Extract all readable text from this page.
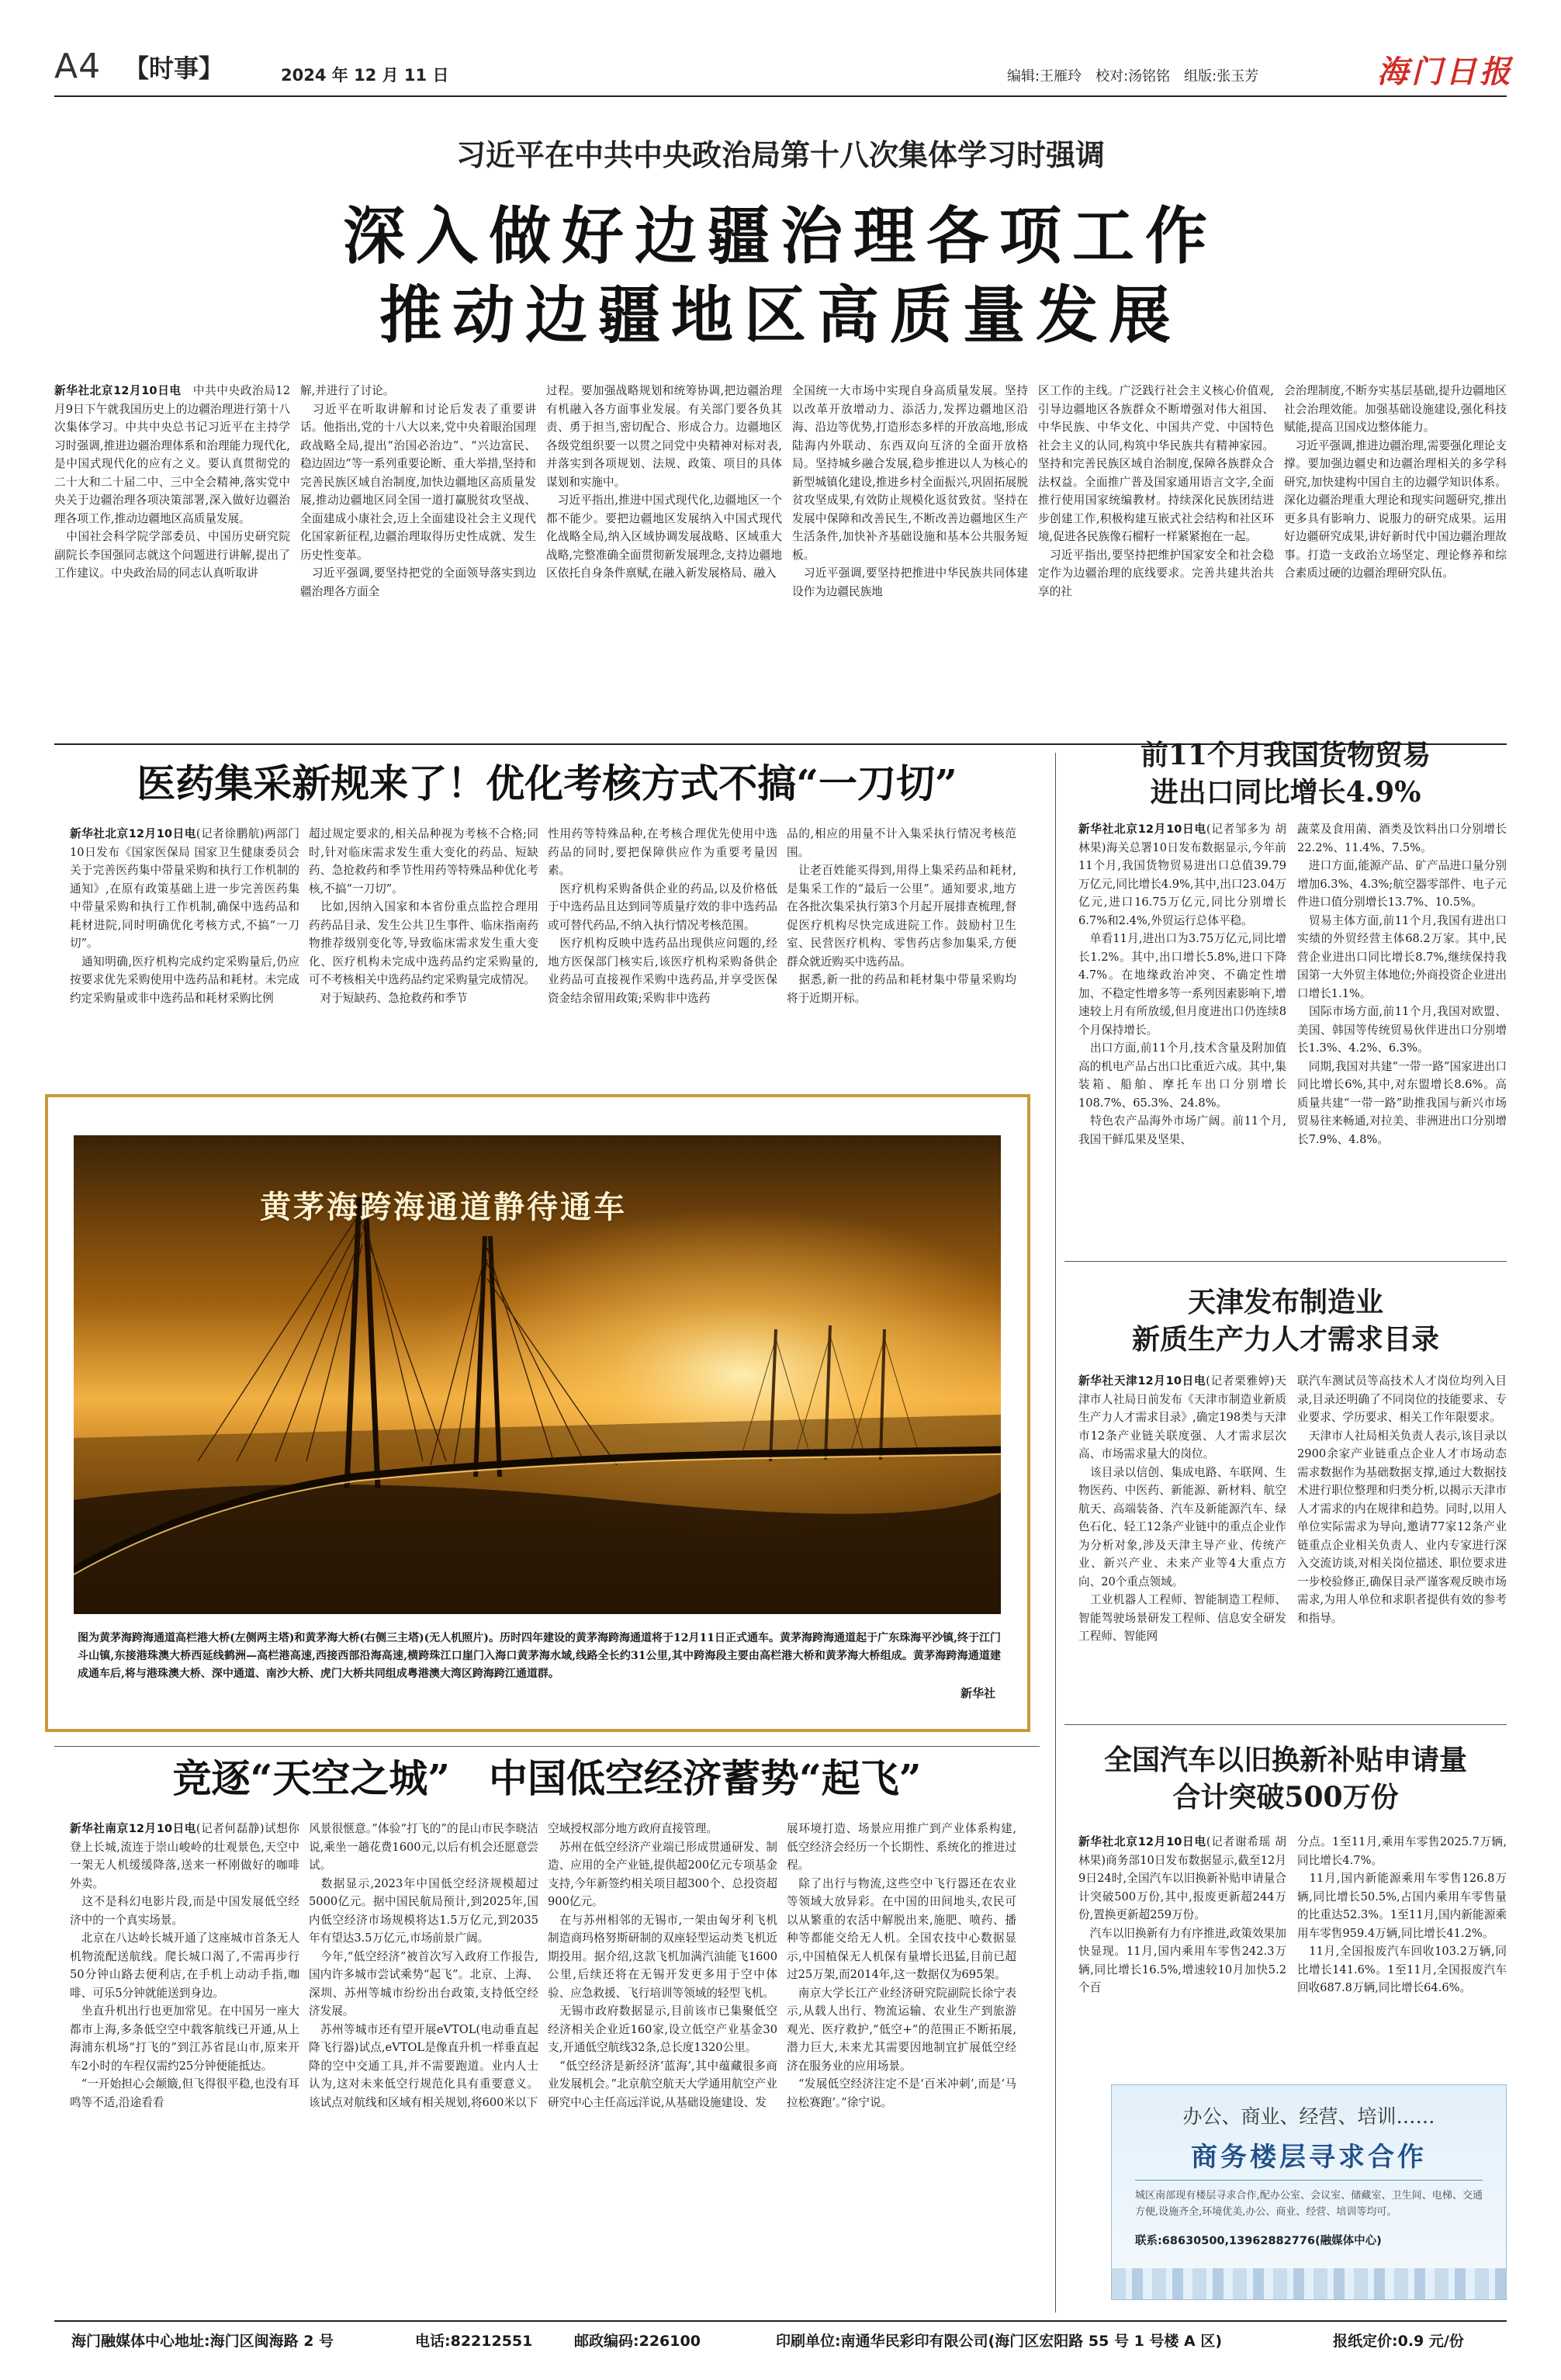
A4 【时事】	2024 年 12 月 11 日	编辑:王雁玲　校对:汤铭铭　组版:张玉芳	海门日报
习近平在中共中央政治局第十八次集体学习时强调
深入做好边疆治理各项工作
推动边疆地区高质量发展
新华社北京12月10日电　 中共中央政治局12月9日下午就我国历史上的边疆治理进行第十八次集体学习。中共中央总书记习近平在主持学习时强调,推进边疆治理体系和治理能力现代化,是中国式现代化的应有之义。要认真贯彻党的二十大和二十届二中、三中全会精神,落实党中央关于边疆治理各项决策部署,深入做好边疆治理各项工作,推动边疆地区高质量发展。
　中国社会科学院学部委员、中国历史研究院副院长李国强同志就这个问题进行讲解,提出了工作建议。中央政治局的同志认真听取讲
解,并进行了讨论。
　习近平在听取讲解和讨论后发表了重要讲话。他指出,党的十八大以来,党中央着眼治国理政战略全局,提出“治国必治边”、“兴边富民、稳边固边”等一系列重要论断、重大举措,坚持和完善民族区域自治制度,加快边疆地区高质量发展,推动边疆地区同全国一道打赢脱贫攻坚战、全面建成小康社会,迈上全面建设社会主义现代化国家新征程,边疆治理取得历史性成就、发生历史性变革。
　习近平强调,要坚持把党的全面领导落实到边疆治理各方面全
过程。要加强战略规划和统筹协调,把边疆治理有机融入各方面事业发展。有关部门要各负其责、勇于担当,密切配合、形成合力。边疆地区各级党组织要一以贯之同党中央精神对标对表,并落实到各项规划、法规、政策、项目的具体谋划和实施中。
　习近平指出,推进中国式现代化,边疆地区一个都不能少。要把边疆地区发展纳入中国式现代化战略全局,纳入区域协调发展战略、区域重大战略,完整准确全面贯彻新发展理念,支持边疆地区依托自身条件禀赋,在融入新发展格局、融入
全国统一大市场中实现自身高质量发展。坚持以改革开放增动力、添活力,发挥边疆地区沿海、沿边等优势,打造形态多样的开放高地,形成陆海内外联动、东西双向互济的全面开放格局。坚持城乡融合发展,稳步推进以人为核心的新型城镇化建设,推进乡村全面振兴,巩固拓展脱贫攻坚成果,有效防止规模化返贫致贫。坚持在发展中保障和改善民生,不断改善边疆地区生产生活条件,加快补齐基础设施和基本公共服务短板。
　习近平强调,要坚持把推进中华民族共同体建设作为边疆民族地
区工作的主线。广泛践行社会主义核心价值观,引导边疆地区各族群众不断增强对伟大祖国、中华民族、中华文化、中国共产党、中国特色社会主义的认同,构筑中华民族共有精神家园。坚持和完善民族区域自治制度,保障各族群众合法权益。全面推广普及国家通用语言文字,全面推行使用国家统编教材。持续深化民族团结进步创建工作,积极构建互嵌式社会结构和社区环境,促进各民族像石榴籽一样紧紧抱在一起。
　习近平指出,要坚持把维护国家安全和社会稳定作为边疆治理的底线要求。完善共建共治共享的社
会治理制度,不断夯实基层基础,提升边疆地区社会治理效能。加强基础设施建设,强化科技赋能,提高卫国戍边整体能力。
　习近平强调,推进边疆治理,需要强化理论支撑。要加强边疆史和边疆治理相关的多学科研究,加快建构中国自主的边疆学知识体系。深化边疆治理重大理论和现实问题研究,推出更多具有影响力、说服力的研究成果。运用好边疆研究成果,讲好新时代中国边疆治理故事。打造一支政治立场坚定、理论修养和综合素质过硬的边疆治理研究队伍。
医药集采新规来了！优化考核方式不搞“一刀切”
新华社北京12月10日电(记者徐鹏航)两部门10日发布《国家医保局 国家卫生健康委员会关于完善医药集中带量采购和执行工作机制的通知》,在原有政策基础上进一步完善医药集中带量采购和执行工作机制,确保中选药品和耗材进院,同时明确优化考核方式,不搞“一刀切”。
　通知明确,医疗机构完成约定采购量后,仍应按要求优先采购使用中选药品和耗材。未完成约定采购量或非中选药品和耗材采购比例
超过规定要求的,相关品种视为考核不合格;同时,针对临床需求发生重大变化的药品、短缺药、急抢救药和季节性用药等特殊品种优化考核,不搞“一刀切”。
　比如,因纳入国家和本省份重点监控合理用药药品目录、发生公共卫生事件、临床指南药物推荐级别变化等,导致临床需求发生重大变化、医疗机构未完成中选药品约定采购量的,可不考核相关中选药品约定采购量完成情况。
　对于短缺药、急抢救药和季节
性用药等特殊品种,在考核合理优先使用中选药品的同时,要把保障供应作为重要考量因素。
　医疗机构采购备供企业的药品,以及价格低于中选药品且达到同等质量疗效的非中选药品或可替代药品,不纳入执行情况考核范围。
　医疗机构反映中选药品出现供应问题的,经地方医保部门核实后,该医疗机构采购备供企业药品可直接视作采购中选药品,并享受医保资金结余留用政策;采购非中选药
品的,相应的用量不计入集采执行情况考核范围。
　让老百姓能买得到,用得上集采药品和耗材,是集采工作的“最后一公里”。通知要求,地方在各批次集采执行第3个月起开展排查梳理,督促医疗机构尽快完成进院工作。鼓励村卫生室、民营医疗机构、零售药店参加集采,方便群众就近购买中选药品。
　据悉,新一批的药品和耗材集中带量采购均将于近期开标。
黄茅海跨海通道静待通车
图为黄茅海跨海通道高栏港大桥(左侧两主塔)和黄茅海大桥(右侧三主塔)(无人机照片)。历时四年建设的黄茅海跨海通道将于12月11日正式通车。黄茅海跨海通道起于广东珠海平沙镇,终于江门斗山镇,东接港珠澳大桥西延线鹤洲—高栏港高速,西接西部沿海高速,横跨珠江口崖门入海口黄茅海水域,线路全长约31公里,其中跨海段主要由高栏港大桥和黄茅海大桥组成。黄茅海跨海通道建成通车后,将与港珠澳大桥、深中通道、南沙大桥、虎门大桥共同组成粤港澳大湾区跨海跨江通道群。
新华社
竞逐“天空之城”　中国低空经济蓄势“起飞”
新华社南京12月10日电(记者何磊静)试想你登上长城,流连于崇山峻岭的壮观景色,天空中一架无人机缓缓降落,送来一杯刚做好的咖啡外卖。
　这不是科幻电影片段,而是中国发展低空经济中的一个真实场景。
　北京在八达岭长城开通了这座城市首条无人机物流配送航线。爬长城口渴了,不需再步行50分钟山路去便利店,在手机上动动手指,咖啡、可乐5分钟就能送到身边。
　坐直升机出行也更加常见。在中国另一座大都市上海,多条低空空中载客航线已开通,从上海浦东机场“打飞的”到江苏省昆山市,原来开车2小时的车程仅需约25分钟便能抵达。
　“一开始担心会颠簸,但飞得很平稳,也没有耳鸣等不适,沿途看看
风景很惬意。”体验“打飞的”的昆山市民李晓洁说,乘坐一趟花费1600元,以后有机会还愿意尝试。
　数据显示,2023年中国低空经济规模超过5000亿元。据中国民航局预计,到2025年,国内低空经济市场规模将达1.5万亿元,到2035年有望达3.5万亿元,市场前景广阔。
　今年,“低空经济”被首次写入政府工作报告,国内许多城市尝试乘势“起飞”。北京、上海、深圳、苏州等城市纷纷出台政策,支持低空经济发展。
　苏州等城市还有望开展eVTOL(电动垂直起降飞行器)试点,eVTOL是像直升机一样垂直起降的空中交通工具,并不需要跑道。业内人士认为,这对未来低空行规范化具有重要意义。该试点对航线和区域有相关规划,将600米以下
空域授权部分地方政府直接管理。
　苏州在低空经济产业端已形成贯通研发、制造、应用的全产业链,提供超200亿元专项基金支持,今年新签约相关项目超300个、总投资超900亿元。
　在与苏州相邻的无锡市,一架由匈牙利飞机制造商玛格努斯研制的双座轻型运动类飞机近期投用。据介绍,这款飞机加满汽油能飞1600公里,后续还将在无锡开发更多用于空中体验、应急救援、飞行培训等领域的轻型飞机。
　无锡市政府数据显示,目前该市已集聚低空经济相关企业近160家,设立低空产业基金30支,开通低空航线32条,总长度1320公里。
　“低空经济是新经济‘蓝海’,其中蕴藏很多商业发展机会。”北京航空航天大学通用航空产业研究中心主任高远洋说,从基础设施建设、发
展环境打造、场景应用推广到产业体系构建,低空经济会经历一个长期性、系统化的推进过程。
　除了出行与物流,这些空中飞行器还在农业等领域大放异彩。在中国的田间地头,农民可以从繁重的农活中解脱出来,施肥、喷药、播种等都能交给无人机。全国农技中心数据显示,中国植保无人机保有量增长迅猛,目前已超过25万架,而2014年,这一数据仅为695架。
　南京大学长江产业经济研究院副院长徐宁表示,从载人出行、物流运输、农业生产到旅游观光、医疗救护,“低空+”的范围正不断拓展,潜力巨大,未来尤其需要因地制宜扩展低空经济在服务业的应用场景。
　“发展低空经济注定不是‘百米冲刺’,而是‘马拉松赛跑’。”徐宁说。
前11个月我国货物贸易
进出口同比增长4.9%
新华社北京12月10日电(记者邹多为 胡林果)海关总署10日发布数据显示,今年前11个月,我国货物贸易进出口总值39.79万亿元,同比增长4.9%,其中,出口23.04万亿元,进口16.75万亿元,同比分别增长6.7%和2.4%,外贸运行总体平稳。
　单看11月,进出口为3.75万亿元,同比增长1.2%。其中,出口增长5.8%,进口下降4.7%。在地缘政治冲突、不确定性增加、不稳定性增多等一系列因素影响下,增速较上月有所放缓,但月度进出口仍连续8个月保持增长。
　出口方面,前11个月,技术含量及附加值高的机电产品占出口比重近六成。其中,集装箱、船舶、摩托车出口分别增长108.7%、65.3%、24.8%。
　特色农产品海外市场广阔。前11个月,我国干鲜瓜果及坚果、
蔬菜及食用菌、酒类及饮料出口分别增长22.2%、11.4%、7.5%。
　进口方面,能源产品、矿产品进口量分别增加6.3%、4.3%;航空器零部件、电子元件进口值分别增长13.7%、10.5%。
　贸易主体方面,前11个月,我国有进出口实绩的外贸经营主体68.2万家。其中,民营企业进出口同比增长8.7%,继续保持我国第一大外贸主体地位;外商投资企业进出口增长1.1%。
　国际市场方面,前11个月,我国对欧盟、美国、韩国等传统贸易伙伴进出口分别增长1.3%、4.2%、6.3%。
　同期,我国对共建“一带一路”国家进出口同比增长6%,其中,对东盟增长8.6%。高质量共建“一带一路”助推我国与新兴市场贸易往来畅通,对拉美、非洲进出口分别增长7.9%、4.8%。
天津发布制造业
新质生产力人才需求目录
新华社天津12月10日电(记者栗雅婷)天津市人社局日前发布《天津市制造业新质生产力人才需求目录》,确定198类与天津市12条产业链关联度强、人才需求层次高、市场需求量大的岗位。
　该目录以信创、集成电路、车联网、生物医药、中医药、新能源、新材料、航空航天、高端装备、汽车及新能源汽车、绿色石化、轻工12条产业链中的重点企业作为分析对象,涉及天津主导产业、传统产业、新兴产业、未来产业等4大重点方向、20个重点领域。
　工业机器人工程师、智能制造工程师、智能驾驶场景研发工程师、信息安全研发工程师、智能网
联汽车测试员等高技术人才岗位均列入目录,目录还明确了不同岗位的技能要求、专业要求、学历要求、相关工作年限要求。
　天津市人社局相关负责人表示,该目录以2900余家产业链重点企业人才市场动态需求数据作为基础数据支撑,通过大数据技术进行职位整理和归类分析,以揭示天津市人才需求的内在规律和趋势。同时,以用人单位实际需求为导向,邀请77家12条产业链重点企业相关负责人、业内专家进行深入交流访谈,对相关岗位描述、职位要求进一步校验修正,确保目录严谨客观反映市场需求,为用人单位和求职者提供有效的参考和指导。
全国汽车以旧换新补贴申请量
合计突破500万份
新华社北京12月10日电(记者谢希瑶 胡林果)商务部10日发布数据显示,截至12月9日24时,全国汽车以旧换新补贴申请量合计突破500万份,其中,报废更新超244万份,置换更新超259万份。
　汽车以旧换新有力有序推进,政策效果加快显现。11月,国内乘用车零售242.3万辆,同比增长16.5%,增速较10月加快5.2个百
分点。1至11月,乘用车零售2025.7万辆,同比增长4.7%。
　11月,国内新能源乘用车零售126.8万辆,同比增长50.5%,占国内乘用车零售量的比重达52.3%。1至11月,国内新能源乘用车零售959.4万辆,同比增长41.2%。
　11月,全国报废汽车回收103.2万辆,同比增长141.6%。1至11月,全国报废汽车回收687.8万辆,同比增长64.6%。
办公、商业、经营、培训……
商务楼层寻求合作
城区南部现有楼层寻求合作,配办公室、会议室、储藏室、卫生间、电梯、交通方便,设施齐全,环境优美,办公、商业、经营、培训等均可。
联系:68630500,13962882776(融媒体中心)
海门融媒体中心地址:海门区闽海路 2 号	电话:82212551	邮政编码:226100	印刷单位:南通华民彩印有限公司(海门区宏阳路 55 号 1 号楼 A 区)	报纸定价:0.9 元/份
